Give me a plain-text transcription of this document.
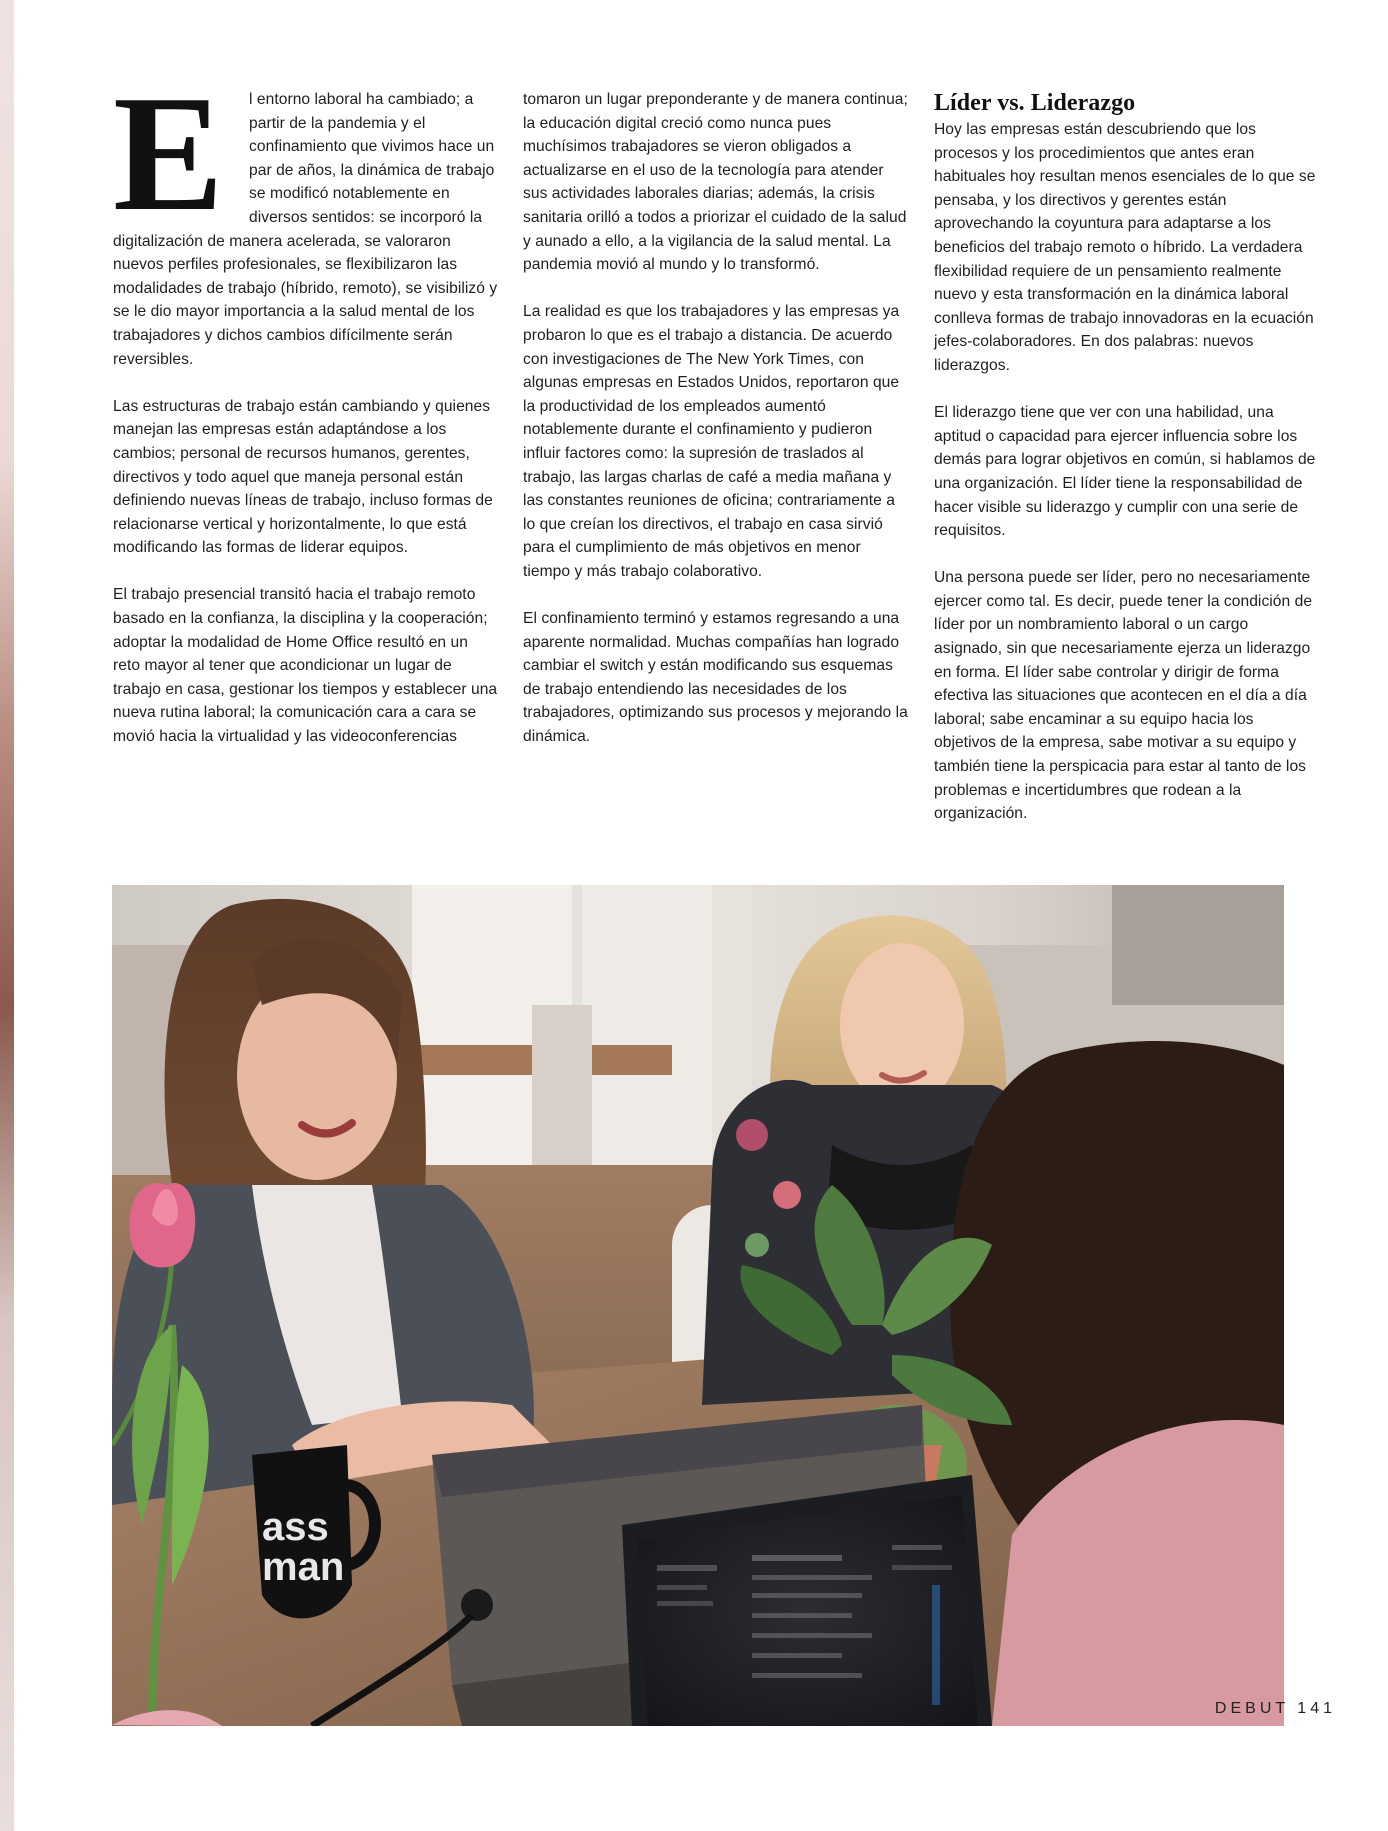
E	l entorno laboral ha cambiado; a partir de la pandemia y el confinamiento que vivimos hace un par de años, la dinámica de trabajo se modificó notablemente en diversos sentidos: se incorporó la digitalización de manera acelerada, se valoraron nuevos perfiles profesionales, se flexibilizaron las modalidades de trabajo (híbrido, remoto), se visibilizó y se le dio mayor importancia a la salud mental de los trabajadores y dichos cambios difícilmente serán reversibles.

Las estructuras de trabajo están cambiando y quienes manejan las empresas están adaptándose a los cambios; personal de recursos humanos, gerentes, directivos y todo aquel que maneja personal están definiendo nuevas líneas de trabajo, incluso formas de relacionarse vertical y horizontalmente, lo que está modificando las formas de liderar equipos.

El trabajo presencial transitó hacia el trabajo remoto basado en la confianza, la disciplina y la cooperación; adoptar la modalidad de Home Office resultó en un reto mayor al tener que acondicionar un lugar de trabajo en casa, gestionar los tiempos y establecer una nueva rutina laboral; la comunicación cara a cara se movió hacia la virtualidad y las videoconferencias

tomaron un lugar preponderante y de manera continua; la educación digital creció como nunca pues muchísimos trabajadores se vieron obligados a actualizarse en el uso de la tecnología para atender sus actividades laborales diarias; además, la crisis sanitaria orilló a todos a priorizar el cuidado de la salud y aunado a ello, a la vigilancia de la salud mental. La pandemia movió al mundo y lo transformó.

La realidad es que los trabajadores y las empresas ya probaron lo que es el trabajo a distancia. De acuerdo con investigaciones de The New York Times, con algunas empresas en Estados Unidos, reportaron que la productividad de los empleados aumentó notablemente durante el confinamiento y pudieron influir factores como: la supresión de traslados al trabajo, las largas charlas de café a media mañana y las constantes reuniones de oficina; contrariamente a lo que creían los directivos, el trabajo en casa sirvió para el cumplimiento de más objetivos en menor tiempo y más trabajo colaborativo.

El confinamiento terminó y estamos regresando a una aparente normalidad. Muchas compañías han logrado cambiar el switch y están modificando sus esquemas de trabajo entendiendo las necesidades de los trabajadores, optimizando sus procesos y mejorando la dinámica.

Líder vs. Liderazgo

Hoy las empresas están descubriendo que los procesos y los procedimientos que antes eran habituales hoy resultan menos esenciales de lo que se pensaba, y los directivos y gerentes están aprovechando la coyuntura para adaptarse a los beneficios del trabajo remoto o híbrido. La verdadera flexibilidad requiere de un pensamiento realmente nuevo y esta transformación en la dinámica laboral conlleva formas de trabajo innovadoras en la ecuación jefes-colaboradores. En dos palabras: nuevos liderazgos.

El liderazgo tiene que ver con una habilidad, una aptitud o capacidad para ejercer influencia sobre los demás para lograr objetivos en común, si hablamos de una organización. El líder tiene la responsabilidad de hacer visible su liderazgo y cumplir con una serie de requisitos.

Una persona puede ser líder, pero no necesariamente ejercer como tal. Es decir, puede tener la condición de líder por un nombramiento laboral o un cargo asignado, sin que necesariamente ejerza un liderazgo en forma. El líder sabe controlar y dirigir de forma efectiva las situaciones que acontecen en el día a día laboral; sabe encaminar a su equipo hacia los objetivos de la empresa, sabe motivar a su equipo y también tiene la perspicacia para estar al tanto de los problemas e incertidumbres que rodean a la organización.

ass
man
DEBUT 141
